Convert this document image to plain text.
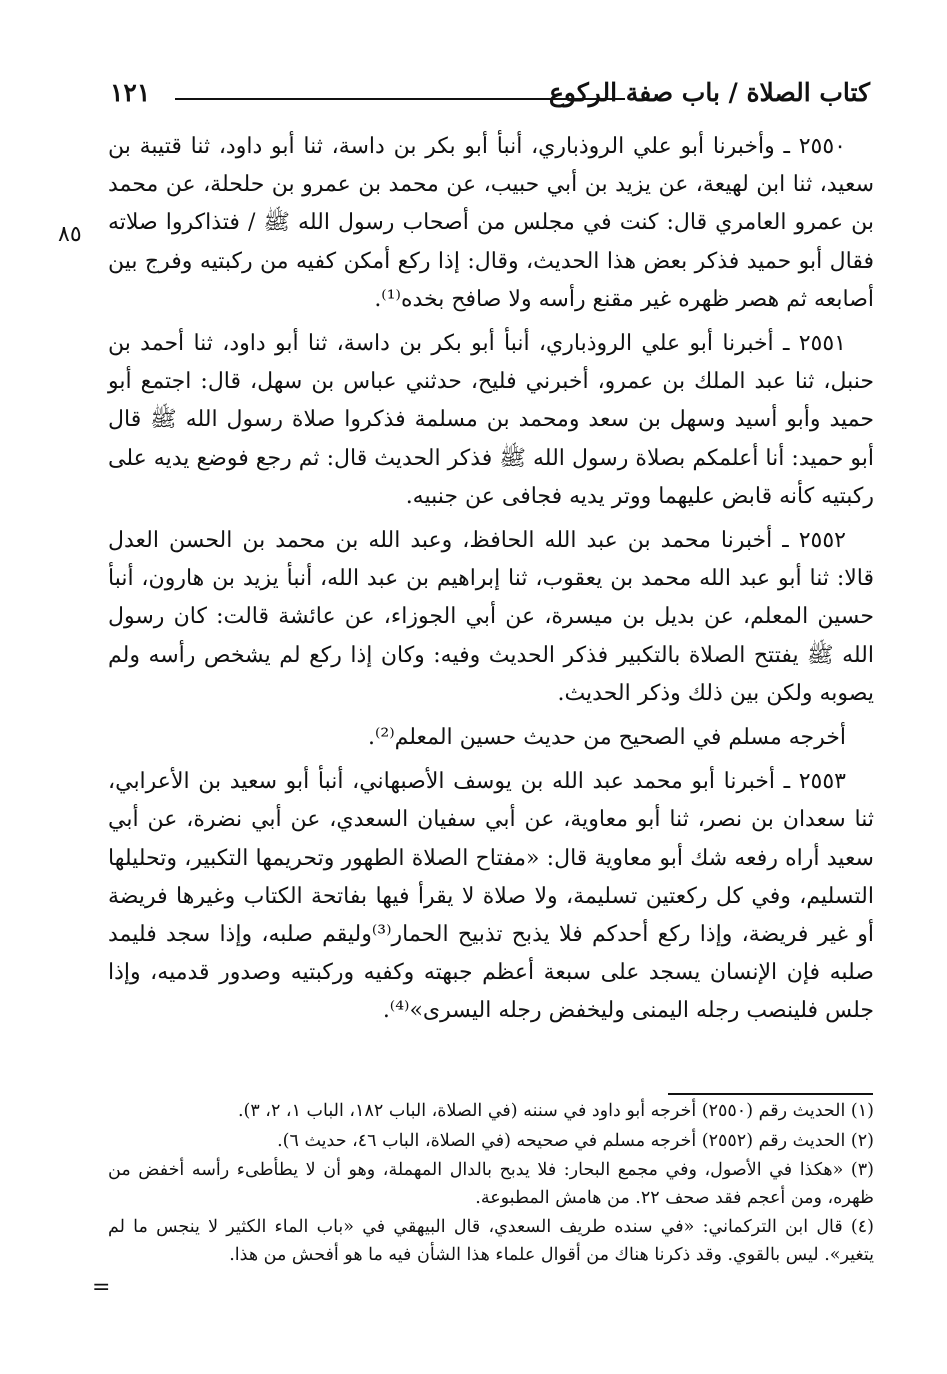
كتاب الصلاة / باب صفة الركوع
١٢١
٨٥

٢٥٥٠ ـ وأخبرنا أبو علي الروذباري، أنبأ أبو بكر بن داسة، ثنا أبو داود، ثنا قتيبة بن سعيد، ثنا ابن لهيعة، عن يزيد بن أبي حبيب، عن محمد بن عمرو بن حلحلة، عن محمد بن عمرو العامري قال: كنت في مجلس من أصحاب رسول الله ﷺ / فتذاكروا صلاته فقال أبو حميد فذكر بعض هذا الحديث، وقال: إذا ركع أمكن كفيه من ركبتيه وفرج بين أصابعه ثم هصر ظهره غير مقنع رأسه ولا صافح بخده⁽¹⁾.

٢٥٥١ ـ أخبرنا أبو علي الروذباري، أنبأ أبو بكر بن داسة، ثنا أبو داود، ثنا أحمد بن حنبل، ثنا عبد الملك بن عمرو، أخبرني فليح، حدثني عباس بن سهل، قال: اجتمع أبو حميد وأبو أسيد وسهل بن سعد ومحمد بن مسلمة فذكروا صلاة رسول الله ﷺ قال أبو حميد: أنا أعلمكم بصلاة رسول الله ﷺ فذكر الحديث قال: ثم رجع فوضع يديه على ركبتيه كأنه قابض عليهما ووتر يديه فجافى عن جنبيه.

٢٥٥٢ ـ أخبرنا محمد بن عبد الله الحافظ، وعبد الله بن محمد بن الحسن العدل قالا: ثنا أبو عبد الله محمد بن يعقوب، ثنا إبراهيم بن عبد الله، أنبأ يزيد بن هارون، أنبأ حسين المعلم، عن بديل بن ميسرة، عن أبي الجوزاء، عن عائشة قالت: كان رسول الله ﷺ يفتتح الصلاة بالتكبير فذكر الحديث وفيه: وكان إذا ركع لم يشخص رأسه ولم يصوبه ولكن بين ذلك وذكر الحديث.

أخرجه مسلم في الصحيح من حديث حسين المعلم⁽²⁾.

٢٥٥٣ ـ أخبرنا أبو محمد عبد الله بن يوسف الأصبهاني، أنبأ أبو سعيد بن الأعرابي، ثنا سعدان بن نصر، ثنا أبو معاوية، عن أبي سفيان السعدي، عن أبي نضرة، عن أبي سعيد أراه رفعه شك أبو معاوية قال: «مفتاح الصلاة الطهور وتحريمها التكبير، وتحليلها التسليم، وفي كل ركعتين تسليمة، ولا صلاة لا يقرأ فيها بفاتحة الكتاب وغيرها فريضة أو غير فريضة، وإذا ركع أحدكم فلا يذبح تذبيح الحمار⁽³⁾وليقم صلبه، وإذا سجد فليمد صلبه فإن الإنسان يسجد على سبعة أعظم جبهته وكفيه وركبتيه وصدور قدميه، وإذا جلس فلينصب رجله اليمنى وليخفض رجله اليسرى»⁽⁴⁾.

(١) الحديث رقم (٢٥٥٠) أخرجه أبو داود في سننه (في الصلاة، الباب ١٨٢، الباب ١، ٢، ٣).

(٢) الحديث رقم (٢٥٥٢) أخرجه مسلم في صحيحه (في الصلاة، الباب ٤٦، حديث ٦).

(٣) «هكذا في الأصول، وفي مجمع البحار: فلا يدبح بالدال المهملة، وهو أن لا يطأطىء رأسه أخفض من ظهره، ومن أعجم فقد صحف ٢٢. من هامش المطبوعة.

(٤) قال ابن التركماني: «في سنده طريف السعدي، قال البيهقي في «باب الماء الكثير لا ينجس ما لم يتغير». ليس بالقوي. وقد ذكرنا هناك من أقوال علماء هذا الشأن فيه ما هو أفحش من هذا.

=
